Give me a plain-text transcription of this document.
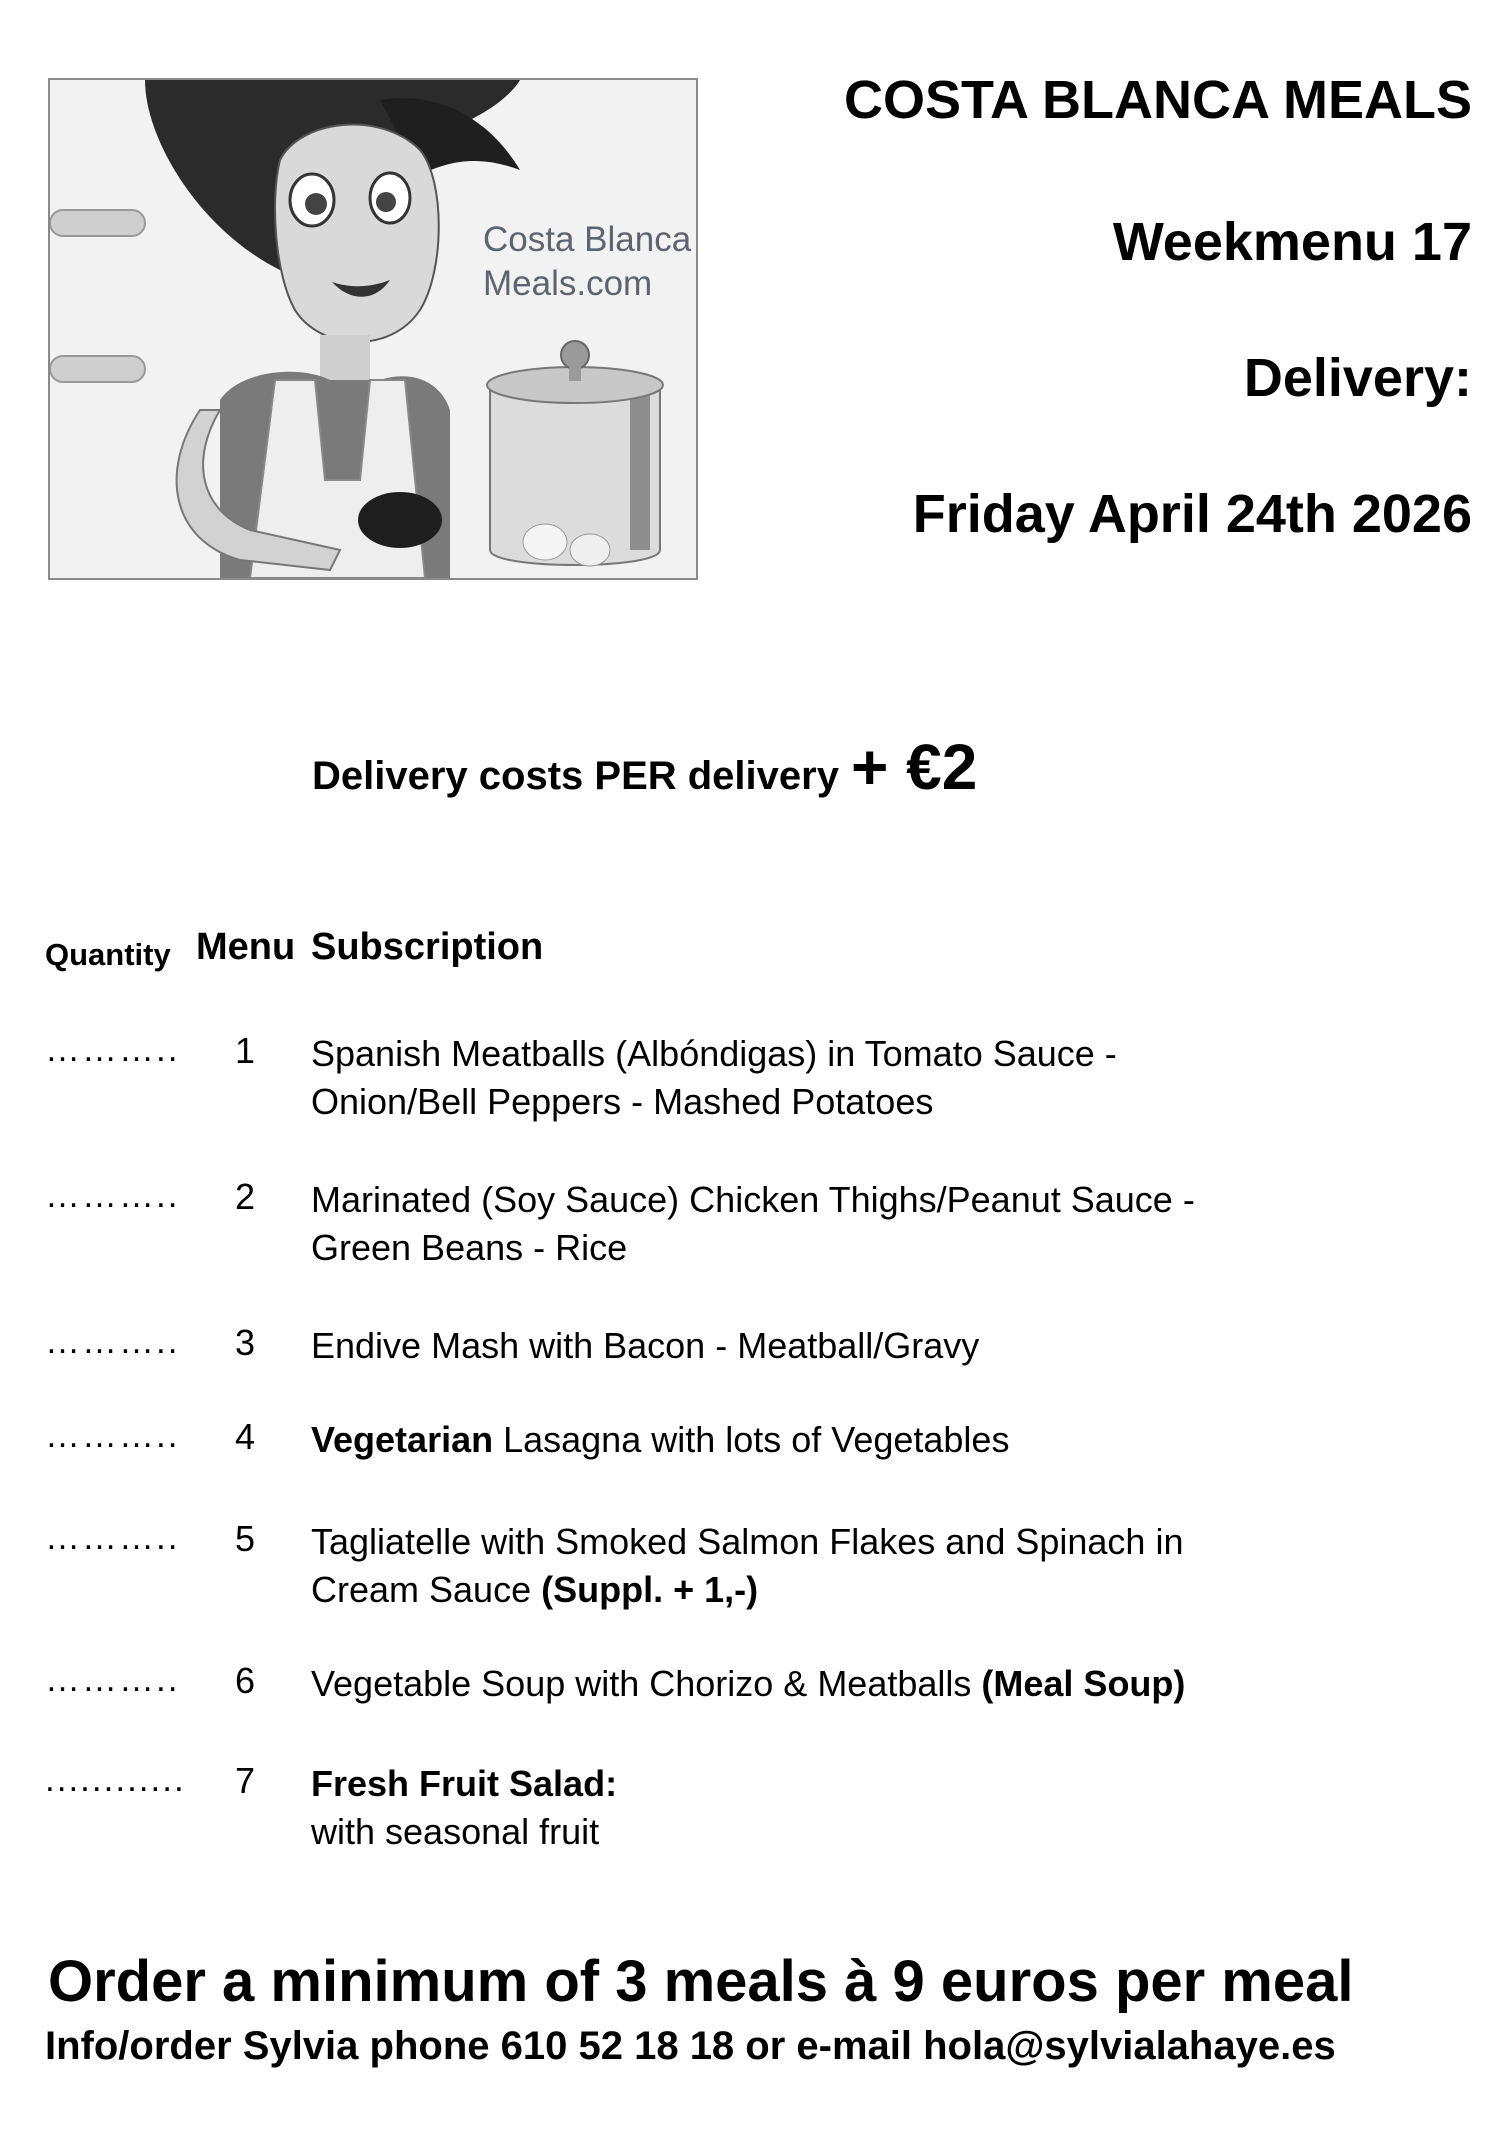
Costa Blanca
Meals.com
COSTA BLANCA MEALS
Weekmenu 17
Delivery:
Friday April 24th 2026
Delivery costs PER delivery + €2
Quantity Menu Subscription
……….. 1 Spanish Meatballs (Albóndigas) in Tomato Sauce -
Onion/Bell Peppers - Mashed Potatoes
……….. 2 Marinated (Soy Sauce) Chicken Thighs/Peanut Sauce -
Green Beans - Rice
……….. 3 Endive Mash with Bacon - Meatball/Gravy
……….. 4 Vegetarian Lasagna with lots of Vegetables
……….. 5 Tagliatelle with Smoked Salmon Flakes and Spinach in
Cream Sauce (Suppl. + 1,-)
……….. 6 Vegetable Soup with Chorizo & Meatballs (Meal Soup)
............ 7 Fresh Fruit Salad:
with seasonal fruit
Order a minimum of 3 meals à 9 euros per meal
Info/order Sylvia phone 610 52 18 18 or e-mail hola@sylvialahaye.es
